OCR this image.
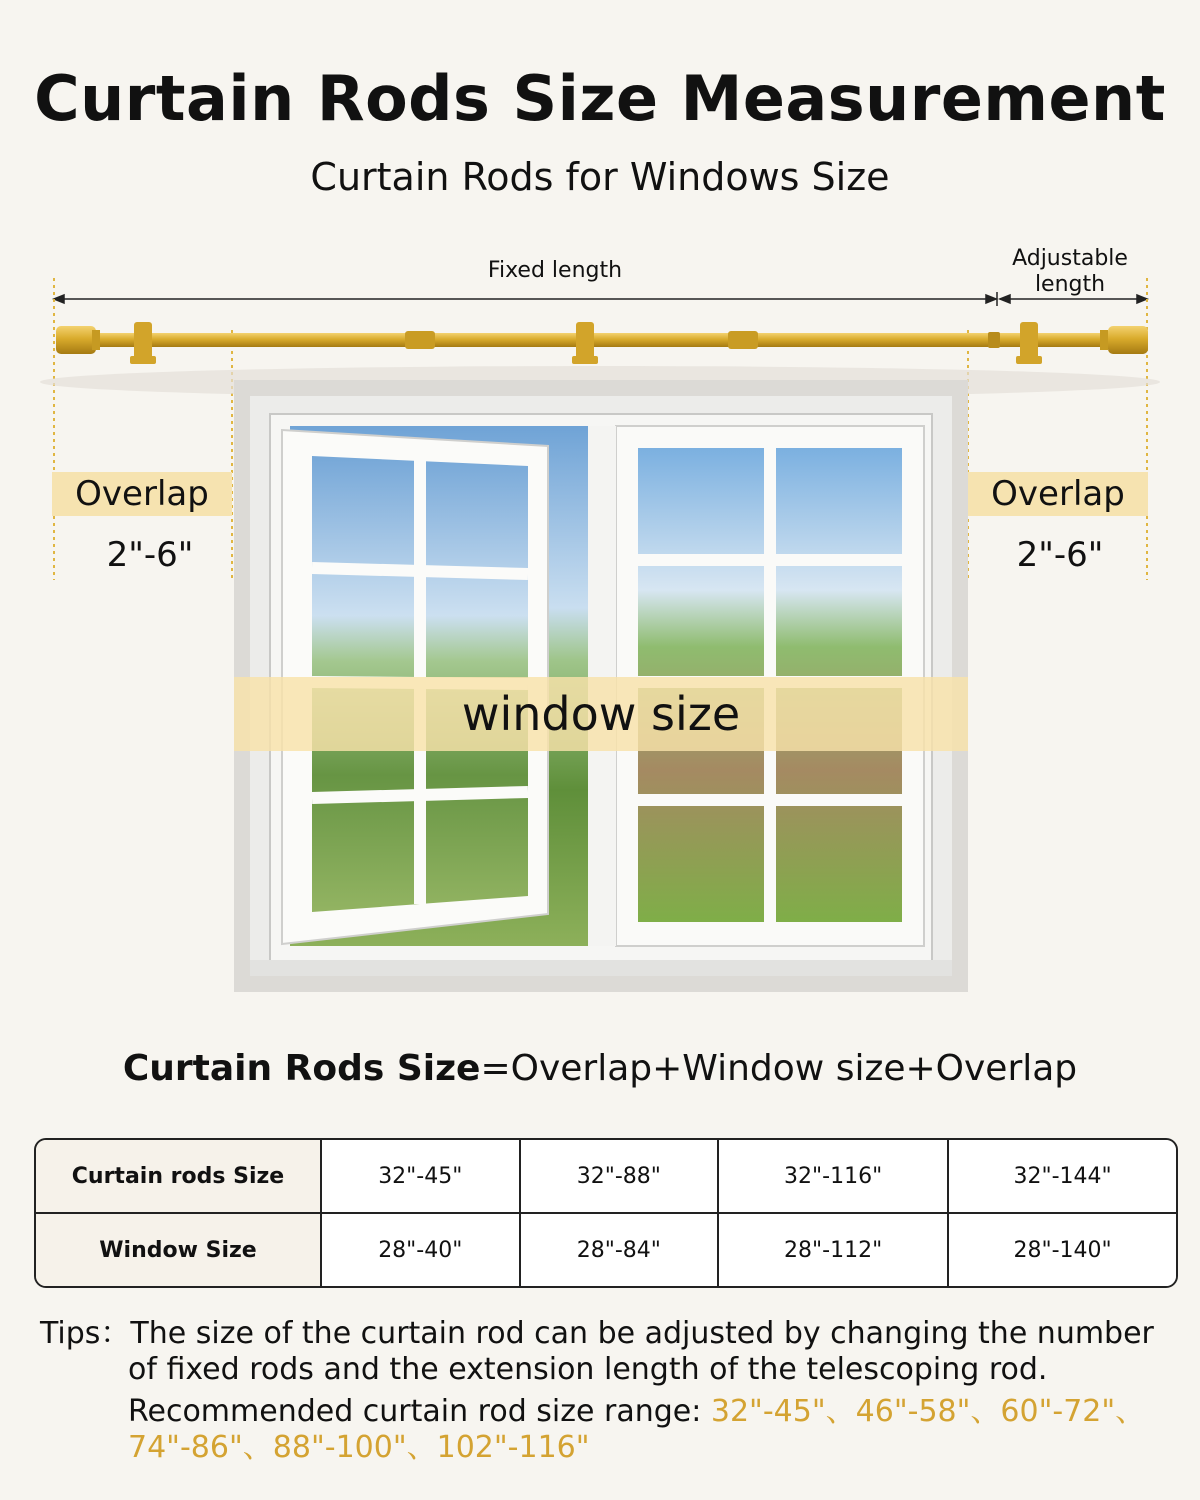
Curtain Rods Size Measurement
Curtain Rods for Windows Size
Fixed length	Adjustable
length
Overlap
2"-6"
Overlap
2"-6"
window size
Curtain Rods Size=Overlap+Window size+Overlap
Curtain rods Size	32"-45"	32"-88"	32"-116"	32"-144"
Window Size	28"-40"	28"-84"	28"-112"	28"-140"
Tips：The size of the curtain rod can be adjusted by changing the number
of fixed rods and the extension length of the telescoping rod.
Recommended curtain rod size range: 32"-45"、46"-58"、60"-72"、
74"-86"、88"-100"、102"-116"
